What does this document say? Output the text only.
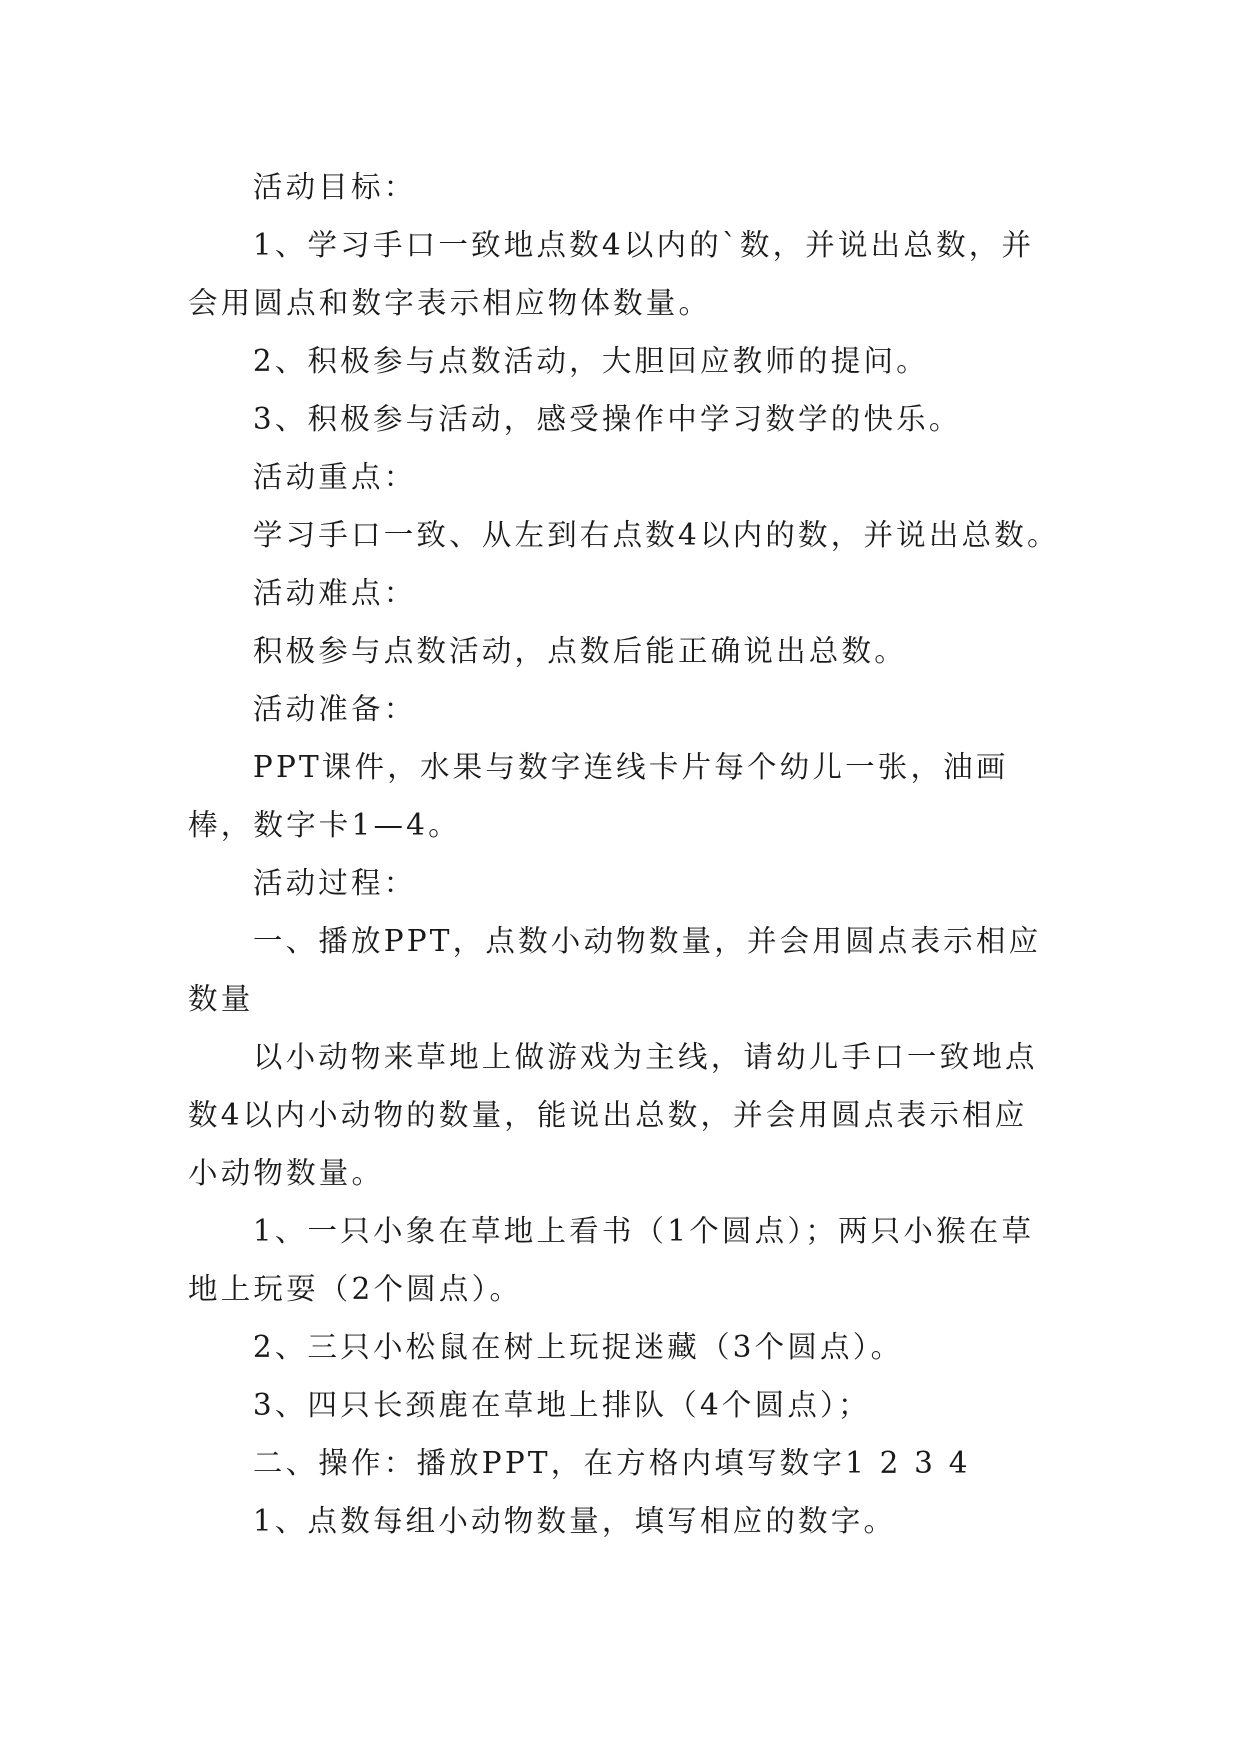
活动目标：

1、学习手口一致地点数4以内的`数，并说出总数，并会用圆点和数字表示相应物体数量。

2、积极参与点数活动，大胆回应教师的提问。

3、积极参与活动，感受操作中学习数学的快乐。

活动重点：

学习手口一致、从左到右点数4以内的数，并说出总数。

活动难点：

积极参与点数活动，点数后能正确说出总数。

活动准备：

PPT课件，水果与数字连线卡片每个幼儿一张，油画棒，数字卡1—4。

活动过程：

一、播放PPT，点数小动物数量，并会用圆点表示相应数量

以小动物来草地上做游戏为主线，请幼儿手口一致地点数4以内小动物的数量，能说出总数，并会用圆点表示相应小动物数量。

1、一只小象在草地上看书（1个圆点）；两只小猴在草地上玩耍（2个圆点）。

2、三只小松鼠在树上玩捉迷藏（3个圆点）。

3、四只长颈鹿在草地上排队（4个圆点）；

二、操作：播放PPT，在方格内填写数字1 2 3 4

1、点数每组小动物数量，填写相应的数字。
